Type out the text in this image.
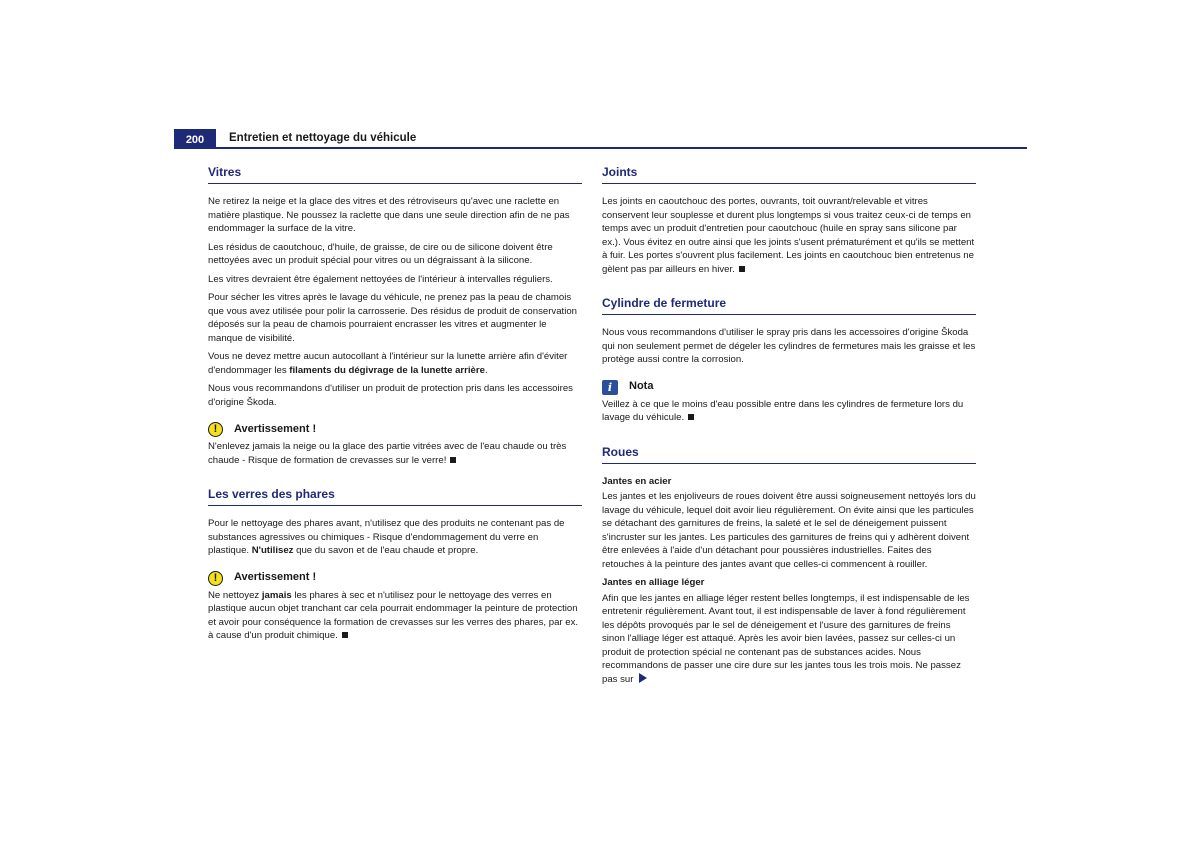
200	Entretien et nettoyage du véhicule
Vitres

Ne retirez la neige et la glace des vitres et des rétroviseurs qu'avec une raclette en matière plastique. Ne poussez la raclette que dans une seule direction afin de ne pas endommager la surface de la vitre.

Les résidus de caoutchouc, d'huile, de graisse, de cire ou de silicone doivent être nettoyées avec un produit spécial pour vitres ou un dégraissant à la silicone.

Les vitres devraient être également nettoyées de l'intérieur à intervalles réguliers.

Pour sécher les vitres après le lavage du véhicule, ne prenez pas la peau de chamois que vous avez utilisée pour polir la carrosserie. Des résidus de produit de conservation déposés sur la peau de chamois pourraient encrasser les vitres et augmenter le manque de visibilité.

Vous ne devez mettre aucun autocollant à l'intérieur sur la lunette arrière afin d'éviter d'endommager les filaments du dégivrage de la lunette arrière.

Nous vous recommandons d'utiliser un produit de protection pris dans les accessoires d'origine Škoda.

!	Avertissement !

N'enlevez jamais la neige ou la glace des partie vitrées avec de l'eau chaude ou très chaude - Risque de formation de crevasses sur le verre!

Les verres des phares

Pour le nettoyage des phares avant, n'utilisez que des produits ne contenant pas de substances agressives ou chimiques - Risque d'endommagement du verre en plastique. N'utilisez que du savon et de l'eau chaude et propre.

!	Avertissement !

Ne nettoyez jamais les phares à sec et n'utilisez pour le nettoyage des verres en plastique aucun objet tranchant car cela pourrait endommager la peinture de protection et avoir pour conséquence la formation de crevasses sur les verres des phares, par ex. à cause d'un produit chimique.

Joints

Les joints en caoutchouc des portes, ouvrants, toit ouvrant/relevable et vitres conservent leur souplesse et durent plus longtemps si vous traitez ceux-ci de temps en temps avec un produit d'entretien pour caoutchouc (huile en spray sans silicone par ex.). Vous évitez en outre ainsi que les joints s'usent prématurément et qu'ils se mettent à fuir. Les portes s'ouvrent plus facilement. Les joints en caoutchouc bien entretenus ne gèlent pas par ailleurs en hiver.

Cylindre de fermeture

Nous vous recommandons d'utiliser le spray pris dans les accessoires d'origine Škoda qui non seulement permet de dégeler les cylindres de fermetures mais les graisse et les protège aussi contre la corrosion.

i	Nota

Veillez à ce que le moins d'eau possible entre dans les cylindres de fermeture lors du lavage du véhicule.

Roues
Jantes en acier

Les jantes et les enjoliveurs de roues doivent être aussi soigneusement nettoyés lors du lavage du véhicule, lequel doit avoir lieu régulièrement. On évite ainsi que les particules se détachant des garnitures de freins, la saleté et le sel de déneigement puissent s'incruster sur les jantes. Les particules des garnitures de freins qui y adhèrent doivent être enlevées à l'aide d'un détachant pour poussières industrielles. Faites des retouches à la peinture des jantes avant que celles-ci commencent à rouiller.

Jantes en alliage léger

Afin que les jantes en alliage léger restent belles longtemps, il est indispensable de les entretenir régulièrement. Avant tout, il est indispensable de laver à fond régulièrement les dépôts provoqués par le sel de déneigement et l'usure des garnitures de freins sinon l'alliage léger est attaqué. Après les avoir bien lavées, passez sur celles-ci un produit de protection spécial ne contenant pas de substances acides. Nous recommandons de passer une cire dure sur les jantes tous les trois mois. Ne passez pas sur
